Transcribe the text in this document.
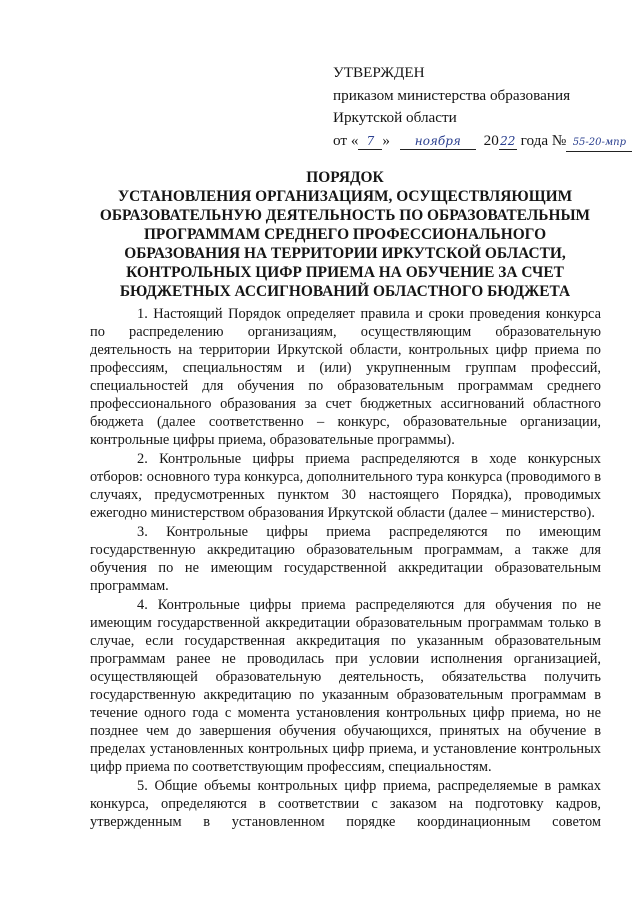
УТВЕРЖДЕН
приказом министерства образования
Иркутской области
от « 7 » ноября 2022 года № 55-20-мпр
ПОРЯДОК
УСТАНОВЛЕНИЯ ОРГАНИЗАЦИЯМ, ОСУЩЕСТВЛЯЮЩИМ
ОБРАЗОВАТЕЛЬНУЮ ДЕЯТЕЛЬНОСТЬ ПО ОБРАЗОВАТЕЛЬНЫМ
ПРОГРАММАМ СРЕДНЕГО ПРОФЕССИОНАЛЬНОГО
ОБРАЗОВАНИЯ НА ТЕРРИТОРИИ ИРКУТСКОЙ ОБЛАСТИ,
КОНТРОЛЬНЫХ ЦИФР ПРИЕМА НА ОБУЧЕНИЕ ЗА СЧЕТ
БЮДЖЕТНЫХ АССИГНОВАНИЙ ОБЛАСТНОГО БЮДЖЕТА

1. Настоящий Порядок определяет правила и сроки проведения конкурса по распределению организациям, осуществляющим образовательную деятельность на территории Иркутской области, контрольных цифр приема по профессиям, специальностям и (или) укрупненным группам профессий, специальностей для обучения по образовательным программам среднего профессионального образования за счет бюджетных ассигнований областного бюджета (далее соответственно – конкурс, образовательные организации, контрольные цифры приема, образовательные программы).

2. Контрольные цифры приема распределяются в ходе конкурсных отборов: основного тура конкурса, дополнительного тура конкурса (проводимого в случаях, предусмотренных пунктом 30 настоящего Порядка), проводимых ежегодно министерством образования Иркутской области (далее – министерство).

3. Контрольные цифры приема распределяются по имеющим государственную аккредитацию образовательным программам, а также для обучения по не имеющим государственной аккредитации образовательным программам.

4. Контрольные цифры приема распределяются для обучения по не имеющим государственной аккредитации образовательным программам только в случае, если государственная аккредитация по указанным образовательным программам ранее не проводилась при условии исполнения организацией, осуществляющей образовательную деятельность, обязательства получить государственную аккредитацию по указанным образовательным программам в течение одного года с момента установления контрольных цифр приема, но не позднее чем до завершения обучения обучающихся, принятых на обучение в пределах установленных контрольных цифр приема, и установление контрольных цифр приема по соответствующим профессиям, специальностям.

5. Общие объемы контрольных цифр приема, распределяемые в рамках конкурса, определяются в соответствии с заказом на подготовку кадров, утвержденным в установленном порядке координационным советом
